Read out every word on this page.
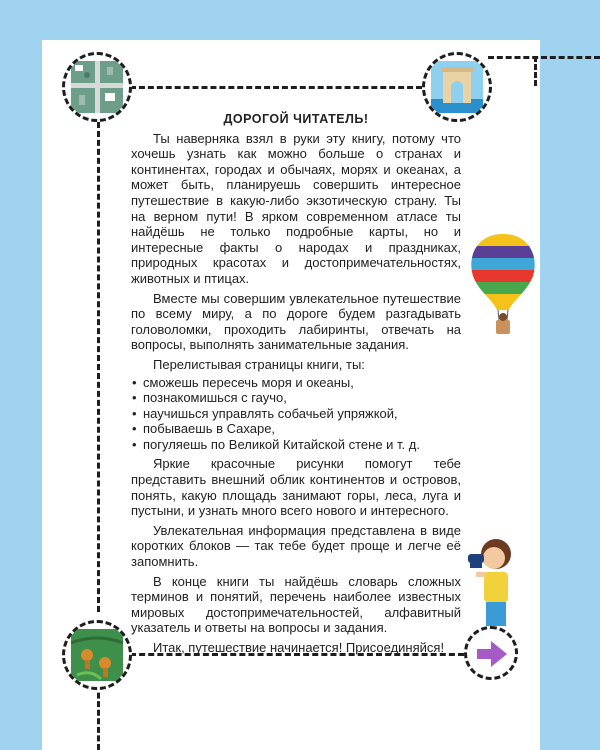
ДОРОГОЙ ЧИТАТЕЛЬ!

Ты наверняка взял в руки эту книгу, потому что хочешь узнать как можно больше о странах и континентах, городах и обычаях, морях и океанах, а может быть, планируешь совершить интересное путешествие в какую-либо экзотическую страну. Ты на верном пути! В ярком современном атласе ты найдёшь не только подробные карты, но и интересные факты о народах и праздниках, природных красотах и достопримечательностях, животных и птицах.

Вместе мы совершим увлекательное путешествие по всему миру, а по дороге будем разгадывать головоломки, проходить лабиринты, отвечать на вопросы, выполнять занимательные задания.

Перелистывая страницы книги, ты:

• сможешь пересечь моря и океаны,
• познакомишься с гаучо,
• научишься управлять собачьей упряжкой,
• побываешь в Сахаре,
• погуляешь по Великой Китайской стене и т. д.

Яркие красочные рисунки помогут тебе представить внешний облик континентов и островов, понять, какую площадь занимают горы, леса, луга и пустыни, и узнать много всего нового и интересного.

Увлекательная информация представлена в виде коротких блоков — так тебе будет проще и легче её запомнить.

В конце книги ты найдёшь словарь сложных терминов и понятий, перечень наиболее известных мировых достопримечательностей, алфавитный указатель и ответы на вопросы и задания.

Итак, путешествие начинается! Присоединяйся!
